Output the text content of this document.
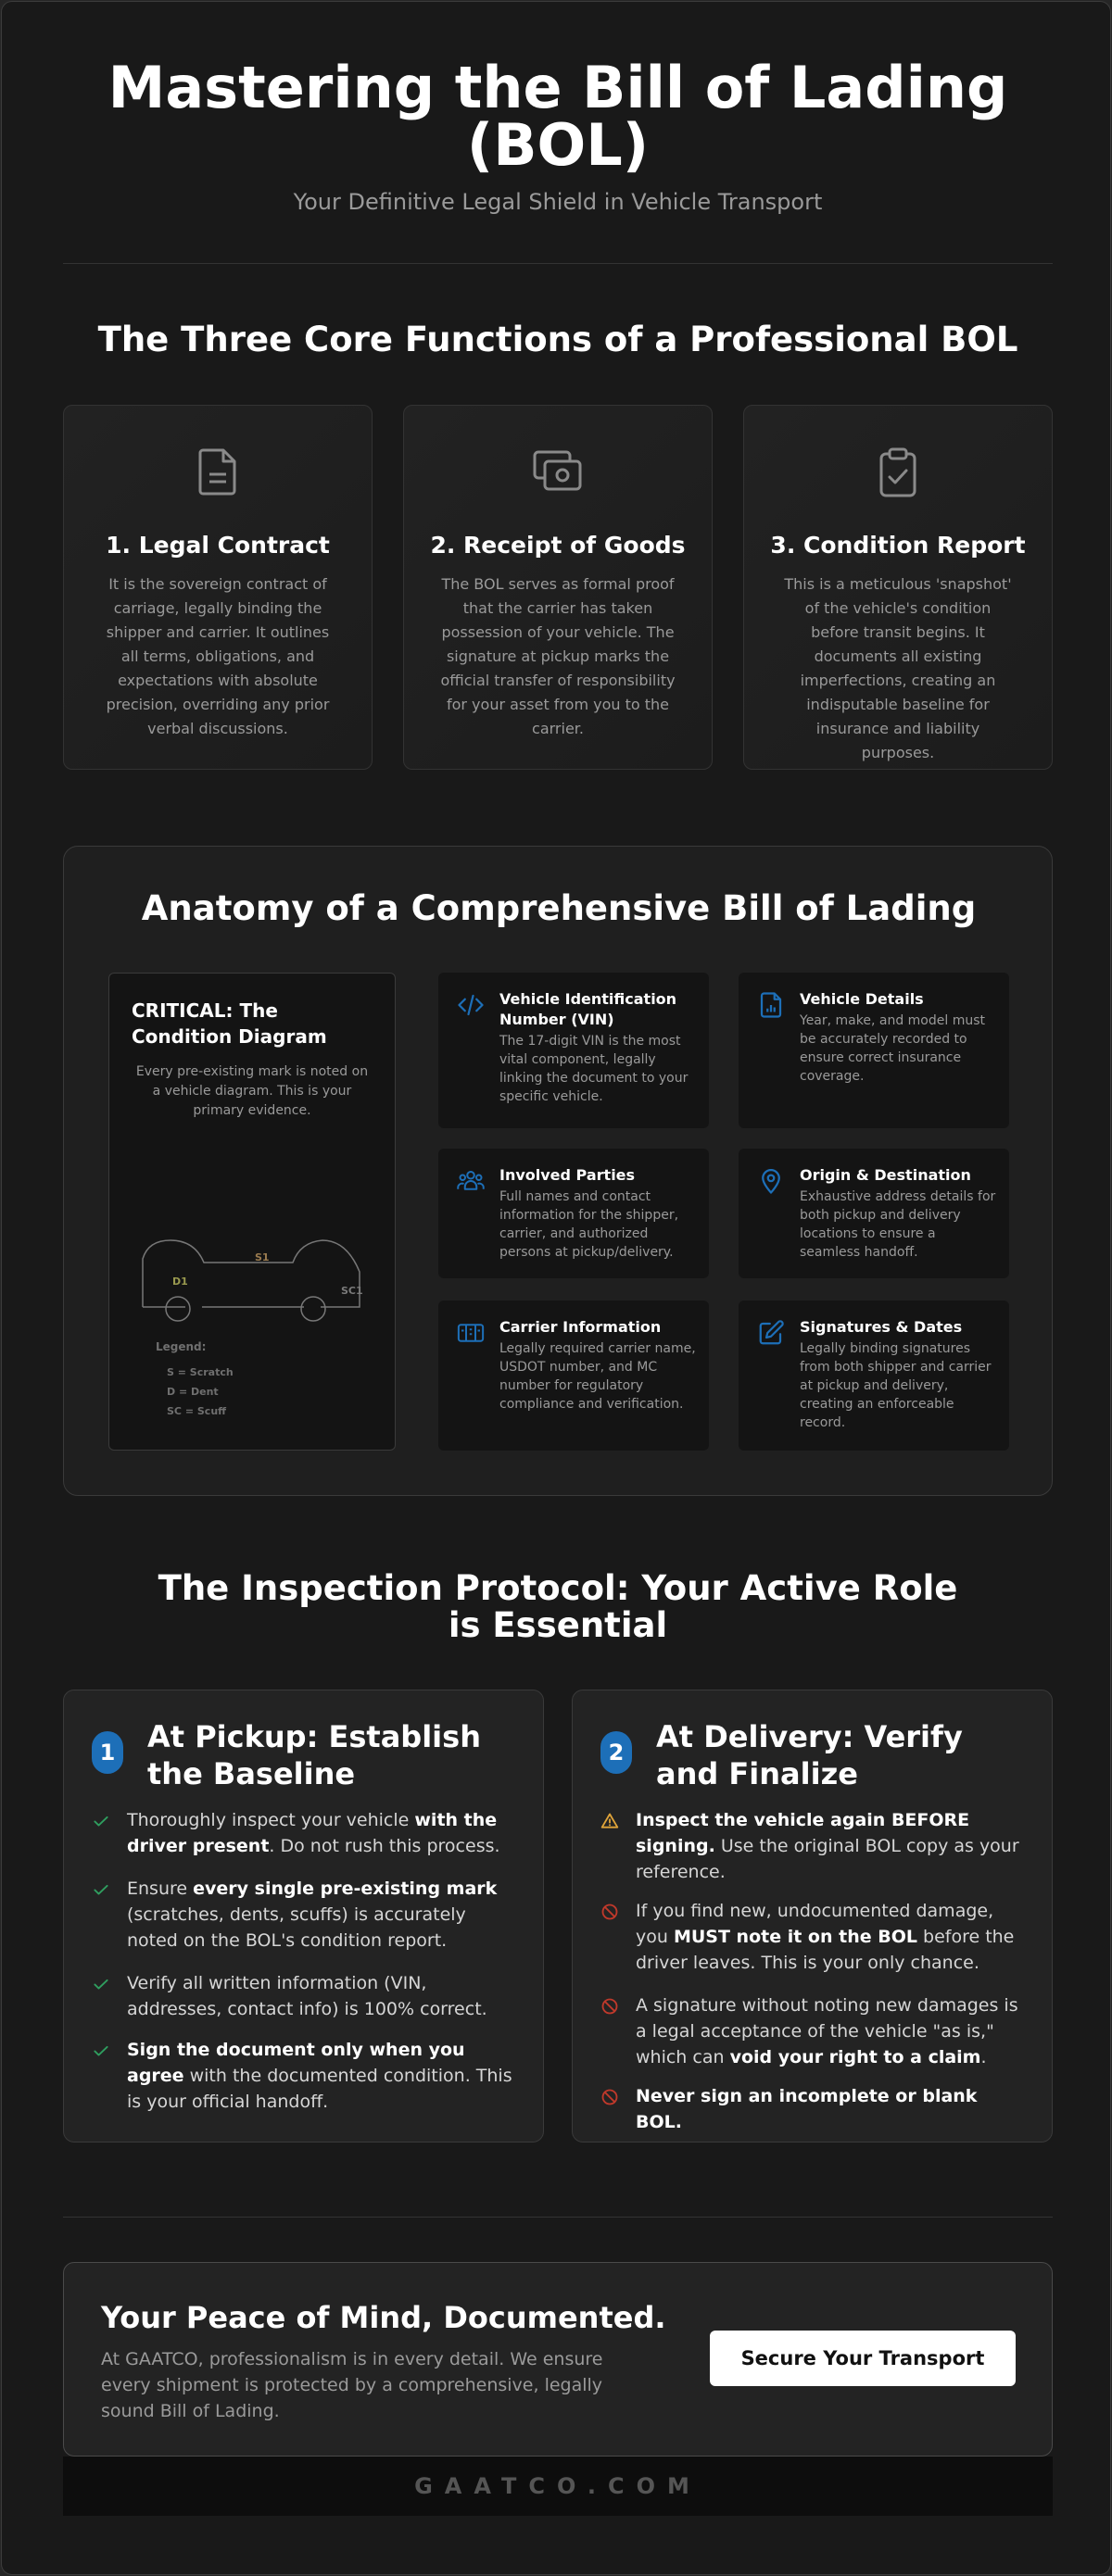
Mastering the Bill of Lading (BOL)
Your Definitive Legal Shield in Vehicle Transport
The Three Core Functions of a Professional BOL
1. Legal Contract

It is the sovereign contract of carriage, legally binding the shipper and carrier. It outlines all terms, obligations, and expectations with absolute precision, overriding any prior verbal discussions.

2. Receipt of Goods

The BOL serves as formal proof that the carrier has taken possession of your vehicle. The signature at pickup marks the official transfer of responsibility for your asset from you to the carrier.

3. Condition Report

This is a meticulous 'snapshot' of the vehicle's condition before transit begins. It documents all existing imperfections, creating an indisputable baseline for insurance and liability purposes.

Anatomy of a Comprehensive Bill of Lading
CRITICAL: The Condition Diagram

Every pre-existing mark is noted on a vehicle diagram. This is your primary evidence.

S1
D1
SC1
Legend:
S = Scratch
D = Dent
SC = Scuff
Vehicle Identification Number (VIN)

The 17-digit VIN is the most vital component, legally linking the document to your specific vehicle.

Vehicle Details

Year, make, and model must be accurately recorded to ensure correct insurance coverage.

Involved Parties

Full names and contact information for the shipper, carrier, and authorized persons at pickup/delivery.

Origin & Destination

Exhaustive address details for both pickup and delivery locations to ensure a seamless handoff.

Carrier Information

Legally required carrier name, USDOT number, and MC number for regulatory compliance and verification.

Signatures & Dates

Legally binding signatures from both shipper and carrier at pickup and delivery, creating an enforceable record.

The Inspection Protocol: Your Active Role is Essential
1 At Pickup: Establish the Baseline
Thoroughly inspect your vehicle with the driver present. Do not rush this process.
Ensure every single pre-existing mark (scratches, dents, scuffs) is accurately noted on the BOL's condition report.
Verify all written information (VIN, addresses, contact info) is 100% correct.
Sign the document only when you agree with the documented condition. This is your official handoff.
2 At Delivery: Verify and Finalize
Inspect the vehicle again BEFORE signing. Use the original BOL copy as your reference.
If you find new, undocumented damage, you MUST note it on the BOL before the driver leaves. This is your only chance.
A signature without noting new damages is a legal acceptance of the vehicle "as is," which can void your right to a claim.
Never sign an incomplete or blank BOL.
Your Peace of Mind, Documented.

At GAATCO, professionalism is in every detail. We ensure every shipment is protected by a comprehensive, legally sound Bill of Lading.

Secure Your Transport
GAATCO.COM
